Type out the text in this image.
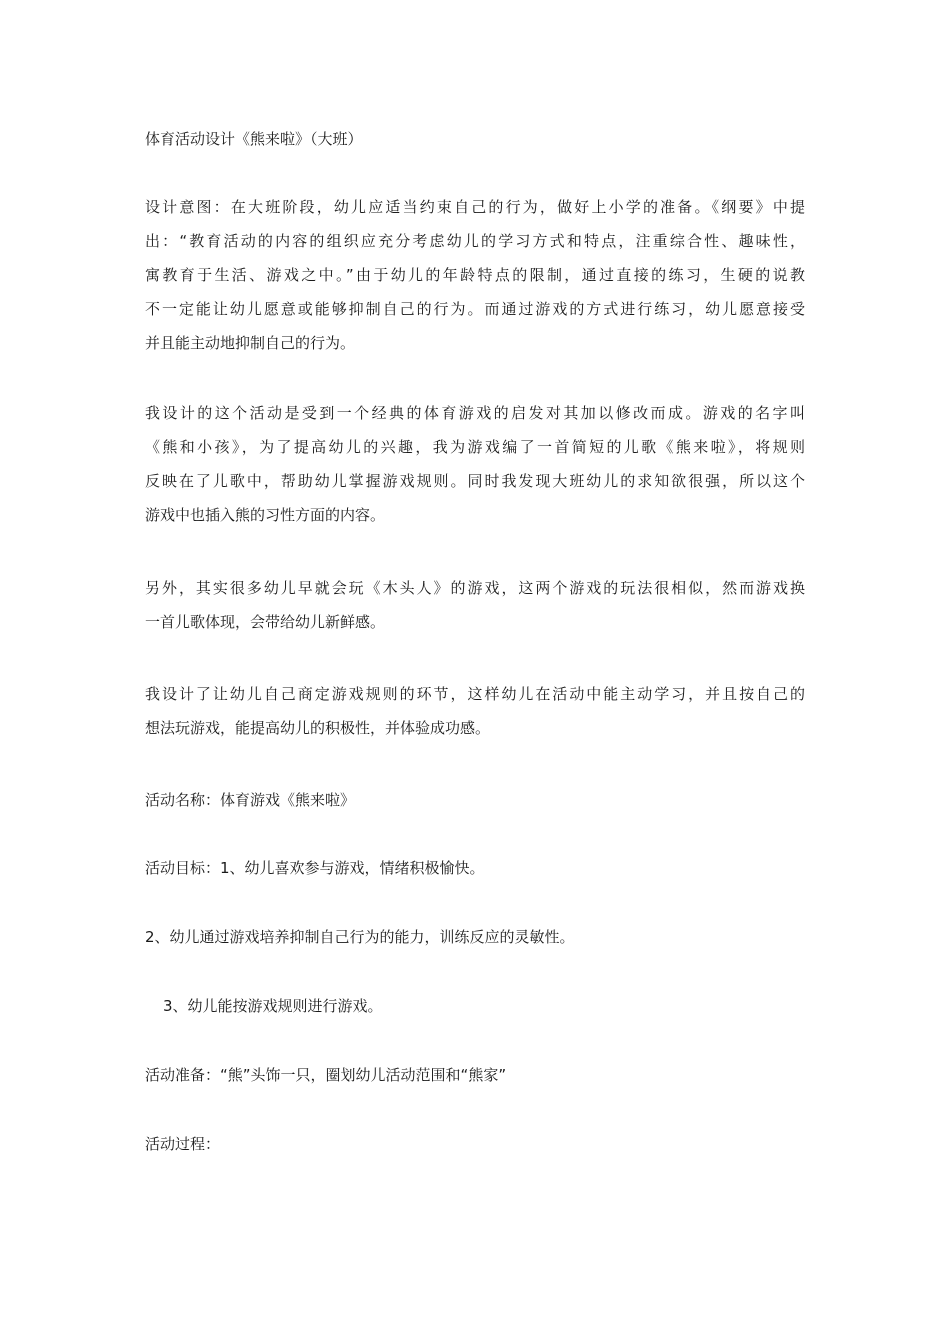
体育活动设计《熊来啦》（大班）

设计意图：在大班阶段，幼儿应适当约束自己的行为，做好上小学的准备。《纲要》中提
出：“教育活动的内容的组织应充分考虑幼儿的学习方式和特点，注重综合性、趣味性，
寓教育于生活、游戏之中。”由于幼儿的年龄特点的限制，通过直接的练习，生硬的说教
不一定能让幼儿愿意或能够抑制自己的行为。而通过游戏的方式进行练习，幼儿愿意接受
并且能主动地抑制自己的行为。
我设计的这个活动是受到一个经典的体育游戏的启发对其加以修改而成。游戏的名字叫
《熊和小孩》，为了提高幼儿的兴趣，我为游戏编了一首简短的儿歌《熊来啦》，将规则
反映在了儿歌中，帮助幼儿掌握游戏规则。同时我发现大班幼儿的求知欲很强，所以这个
游戏中也插入熊的习性方面的内容。
另外，其实很多幼儿早就会玩《木头人》的游戏，这两个游戏的玩法很相似，然而游戏换
一首儿歌体现，会带给幼儿新鲜感。
我设计了让幼儿自己商定游戏规则的环节，这样幼儿在活动中能主动学习，并且按自己的
想法玩游戏，能提高幼儿的积极性，并体验成功感。

活动名称：体育游戏《熊来啦》

活动目标：1、幼儿喜欢参与游戏，情绪积极愉快。

2、幼儿通过游戏培养抑制自己行为的能力，训练反应的灵敏性。

3、幼儿能按游戏规则进行游戏。

活动准备：“熊”头饰一只，圈划幼儿活动范围和“熊家”

活动过程：
